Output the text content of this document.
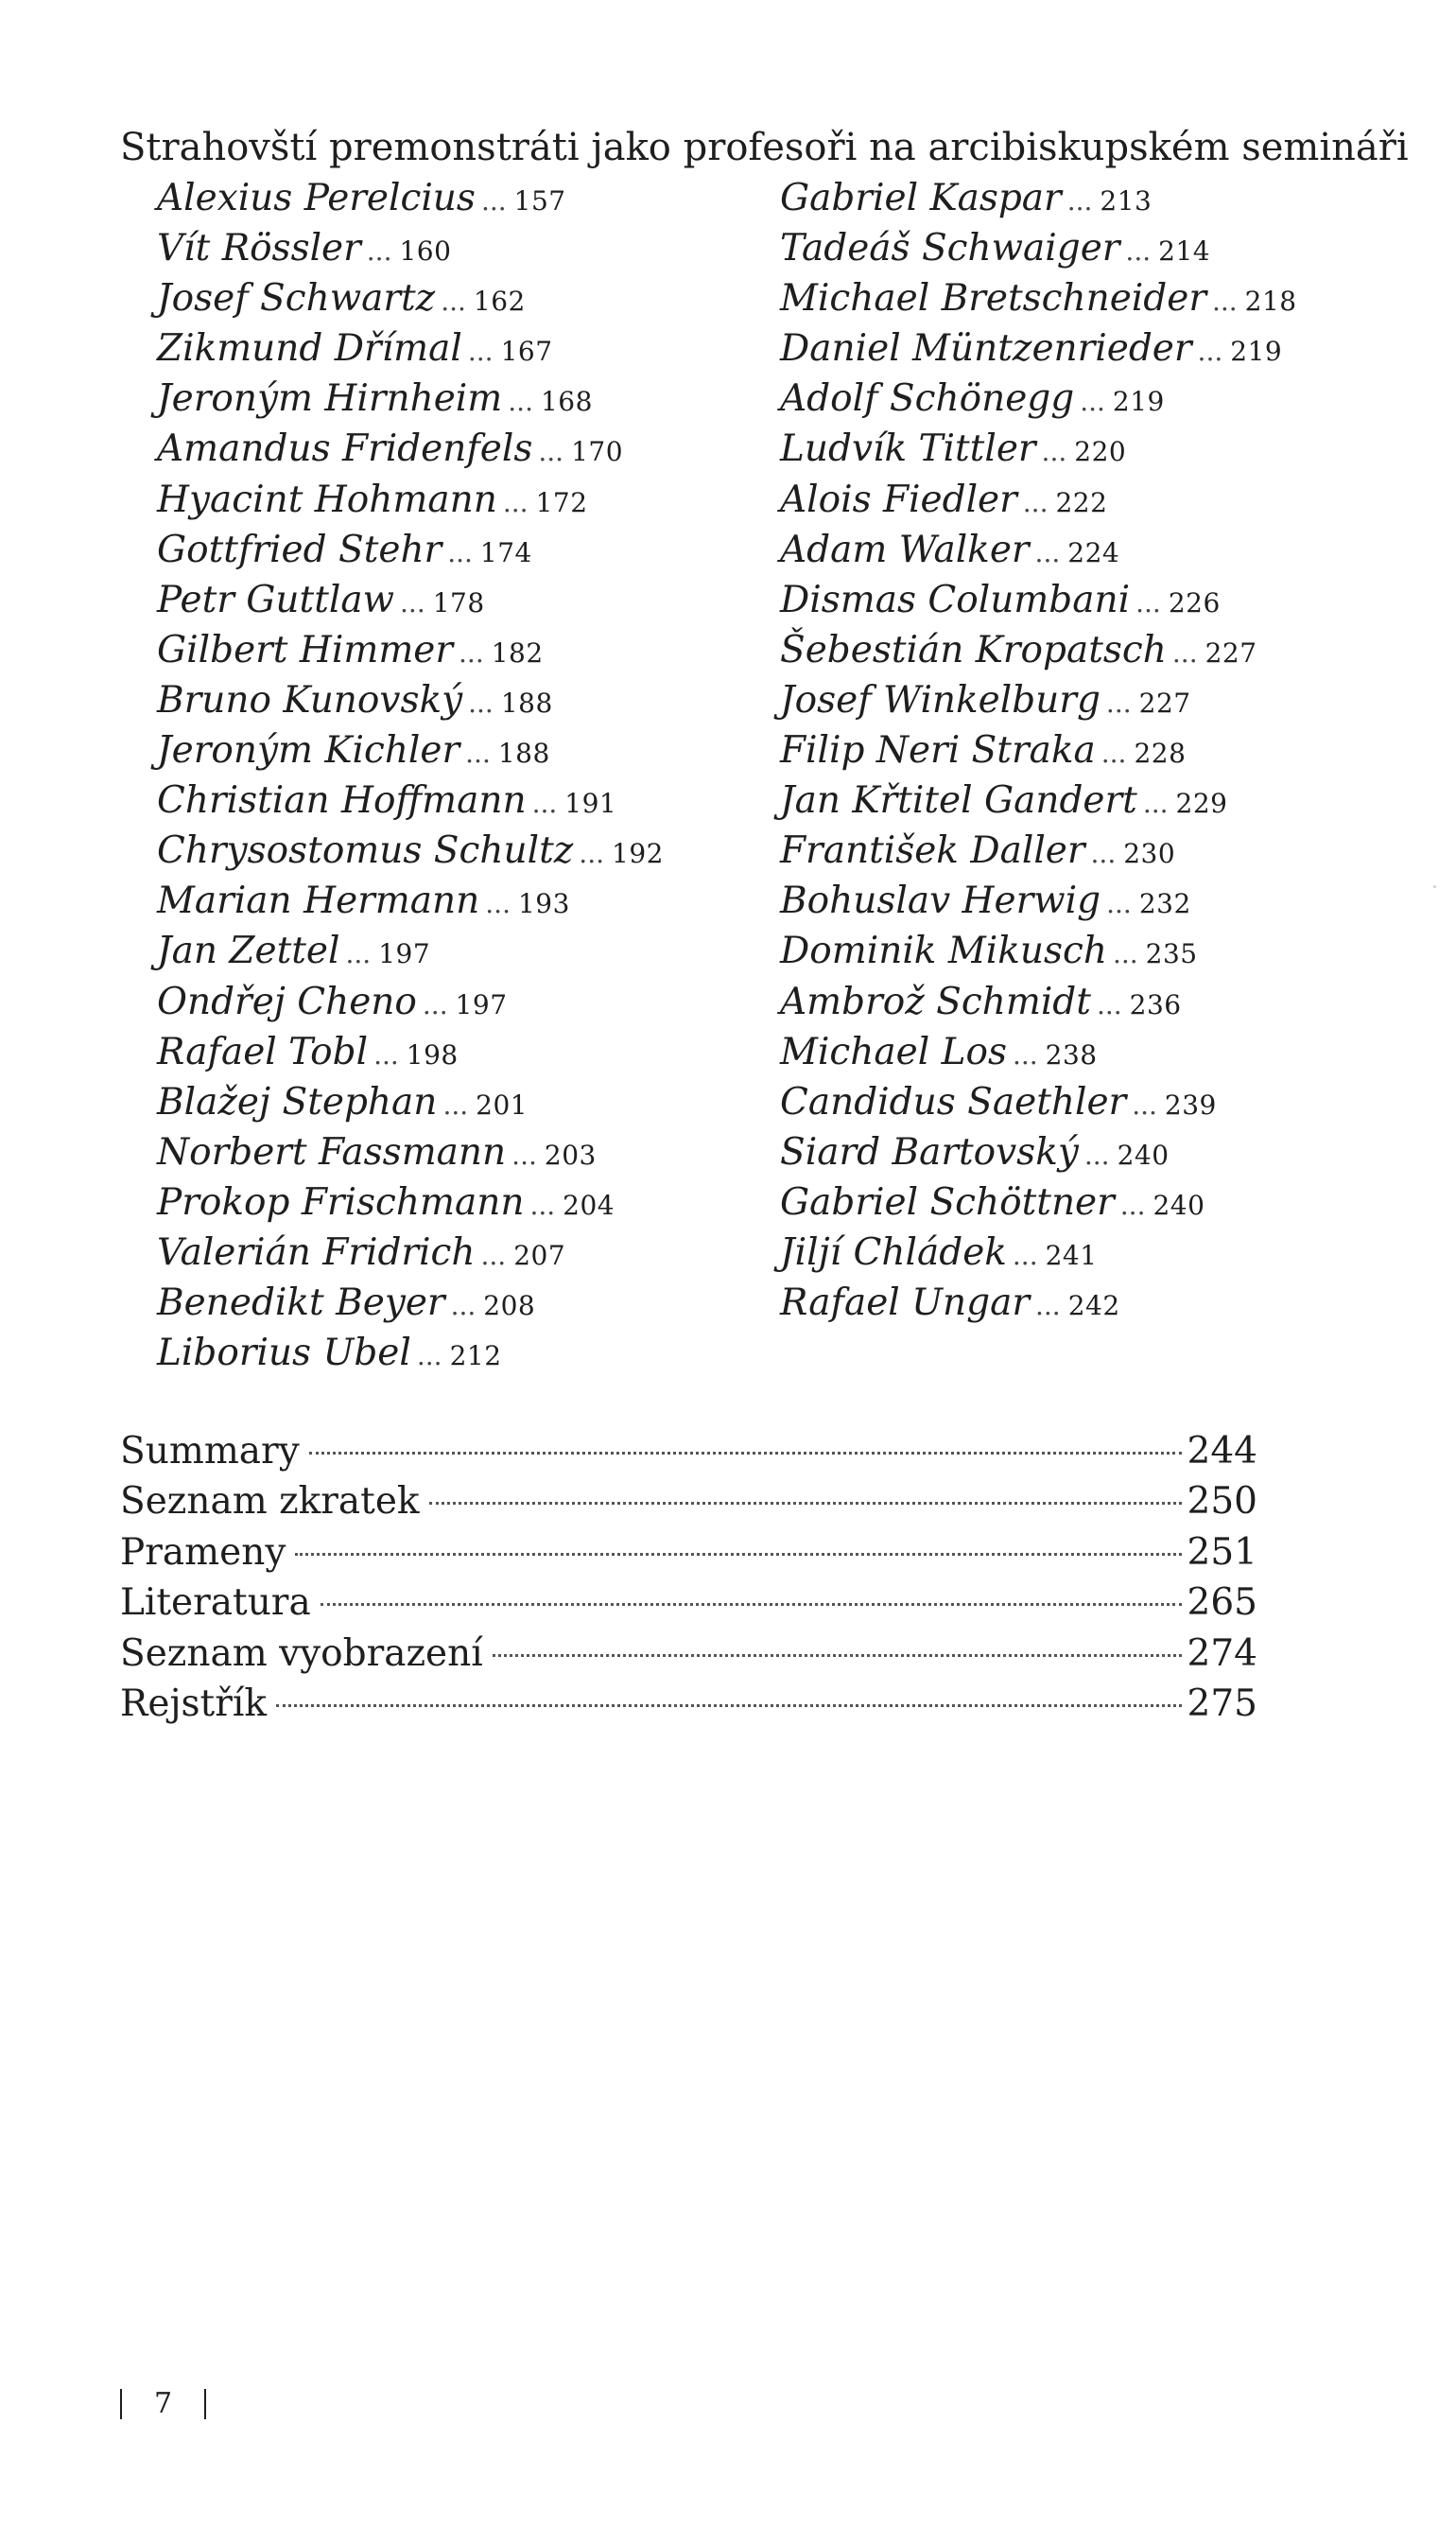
Strahovští premonstráti jako profesoři na arcibiskupském semináři
Alexius Perelcius ... 157
Vít Rössler ... 160
Josef Schwartz ... 162
Zikmund Dřímal ... 167
Jeroným Hirnheim ... 168
Amandus Fridenfels ... 170
Hyacint Hohmann ... 172
Gottfried Stehr ... 174
Petr Guttlaw ... 178
Gilbert Himmer ... 182
Bruno Kunovský ... 188
Jeroným Kichler ... 188
Christian Hoffmann ... 191
Chrysostomus Schultz ... 192
Marian Hermann ... 193
Jan Zettel ... 197
Ondřej Cheno ... 197
Rafael Tobl ... 198
Blažej Stephan ... 201
Norbert Fassmann ... 203
Prokop Frischmann ... 204
Valerián Fridrich ... 207
Benedikt Beyer ... 208
Liborius Ubel ... 212
Gabriel Kaspar ... 213
Tadeáš Schwaiger ... 214
Michael Bretschneider ... 218
Daniel Müntzenrieder ... 219
Adolf Schönegg ... 219
Ludvík Tittler ... 220
Alois Fiedler ... 222
Adam Walker ... 224
Dismas Columbani ... 226
Šebestián Kropatsch ... 227
Josef Winkelburg ... 227
Filip Neri Straka ... 228
Jan Křtitel Gandert ... 229
František Daller ... 230
Bohuslav Herwig ... 232
Dominik Mikusch ... 235
Ambrož Schmidt ... 236
Michael Los ... 238
Candidus Saethler ... 239
Siard Bartovský ... 240
Gabriel Schöttner ... 240
Jiljí Chládek ... 241
Rafael Ungar ... 242
Summary	244
Seznam zkratek	250
Prameny	251
Literatura	265
Seznam vyobrazení	274
Rejstřík	275
7
